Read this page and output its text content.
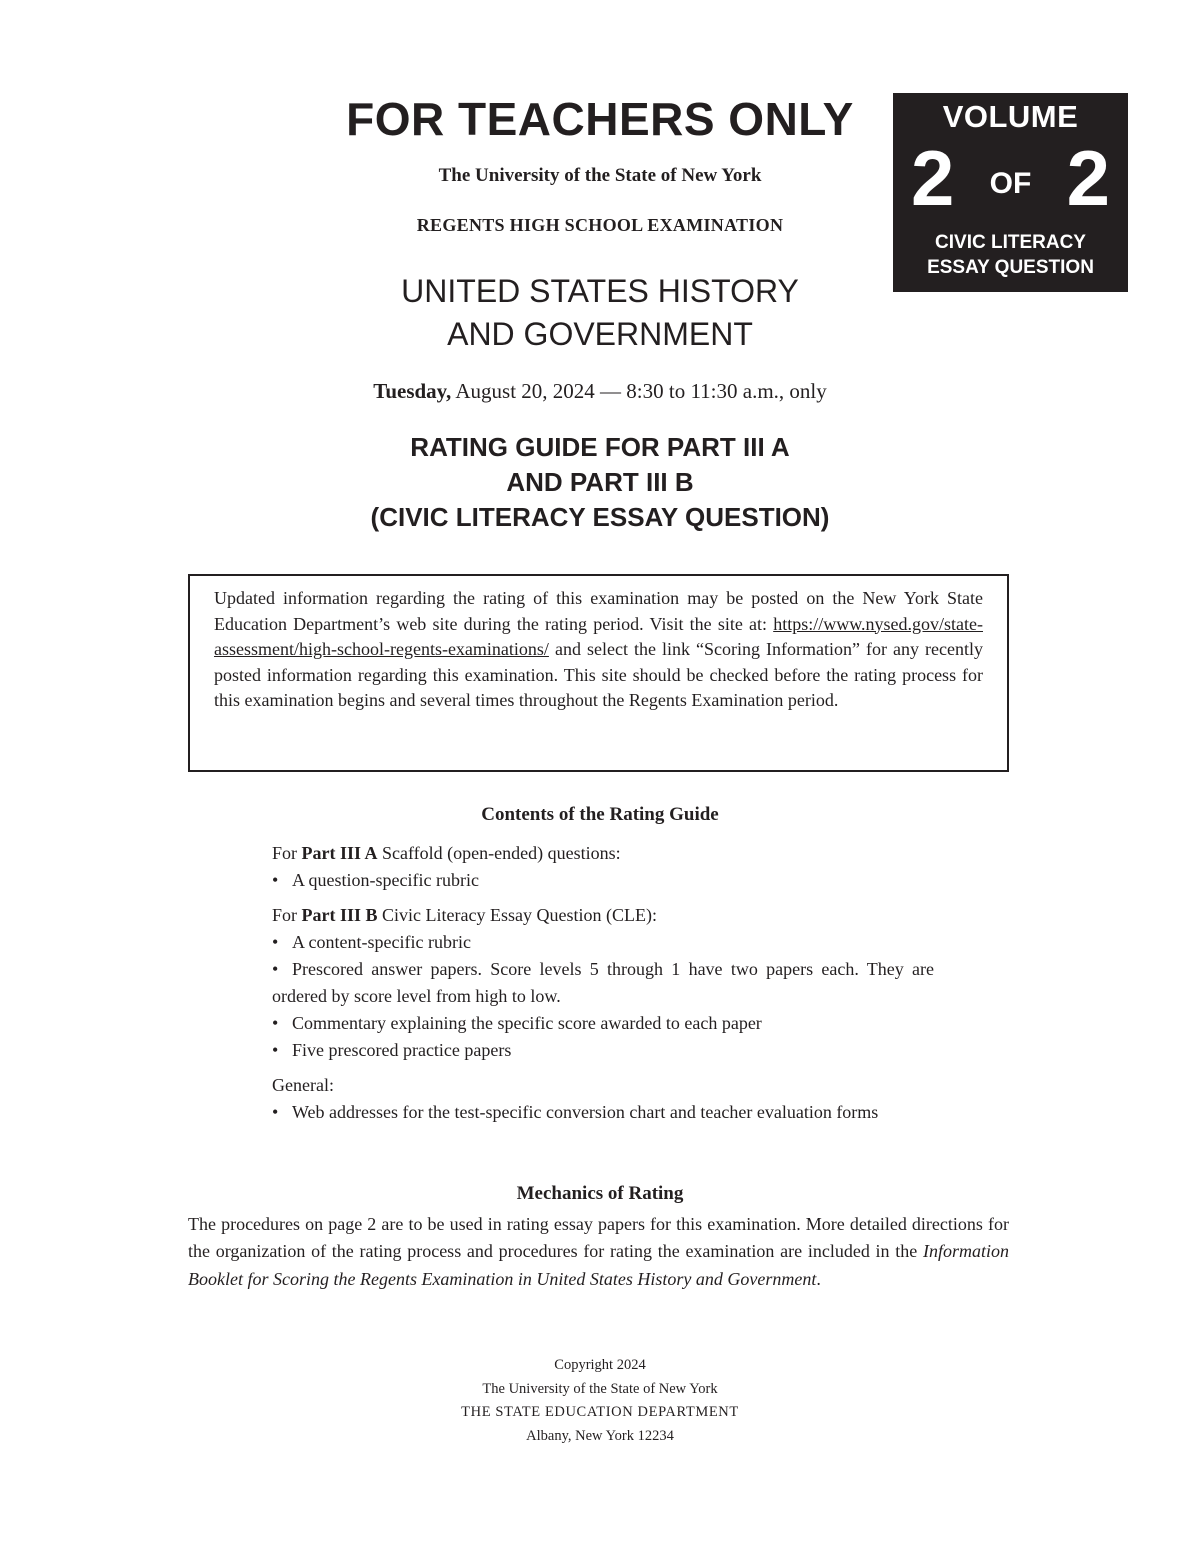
FOR TEACHERS ONLY
The University of the State of New York
REGENTS HIGH SCHOOL EXAMINATION
UNITED STATES HISTORY
AND GOVERNMENT
Tuesday, August 20, 2024 — 8:30 to 11:30 a.m., only
RATING GUIDE FOR PART III A
AND PART III B
(CIVIC LITERACY ESSAY QUESTION)
VOLUME
2	OF 2
CIVIC LITERACY
ESSAY QUESTION
Updated information regarding the rating of this examination may be posted on the New York State Education Department’s web site during the rating period. Visit the site at: https://www.nysed.gov/state-assessment/high-school-regents-examinations/ and select the link “Scoring Information” for any recently posted information regarding this examination. This site should be checked before the rating process for this examination begins and several times throughout the Regents Examination period.
Contents of the Rating Guide
For Part III A Scaffold (open-ended) questions:
• A question-specific rubric
For Part III B Civic Literacy Essay Question (CLE):
• A content-specific rubric
• Prescored answer papers. Score levels 5 through 1 have two papers each. They are ordered by score level from high to low.
• Commentary explaining the specific score awarded to each paper
• Five prescored practice papers
General:
• Web addresses for the test-specific conversion chart and teacher evaluation forms
Mechanics of Rating
The procedures on page 2 are to be used in rating essay papers for this examination. More detailed directions for the organization of the rating process and procedures for rating the examination are included in the Information Booklet for Scoring the Regents Examination in United States History and Government.
Copyright 2024
The University of the State of New York
THE STATE EDUCATION DEPARTMENT
Albany, New York 12234
